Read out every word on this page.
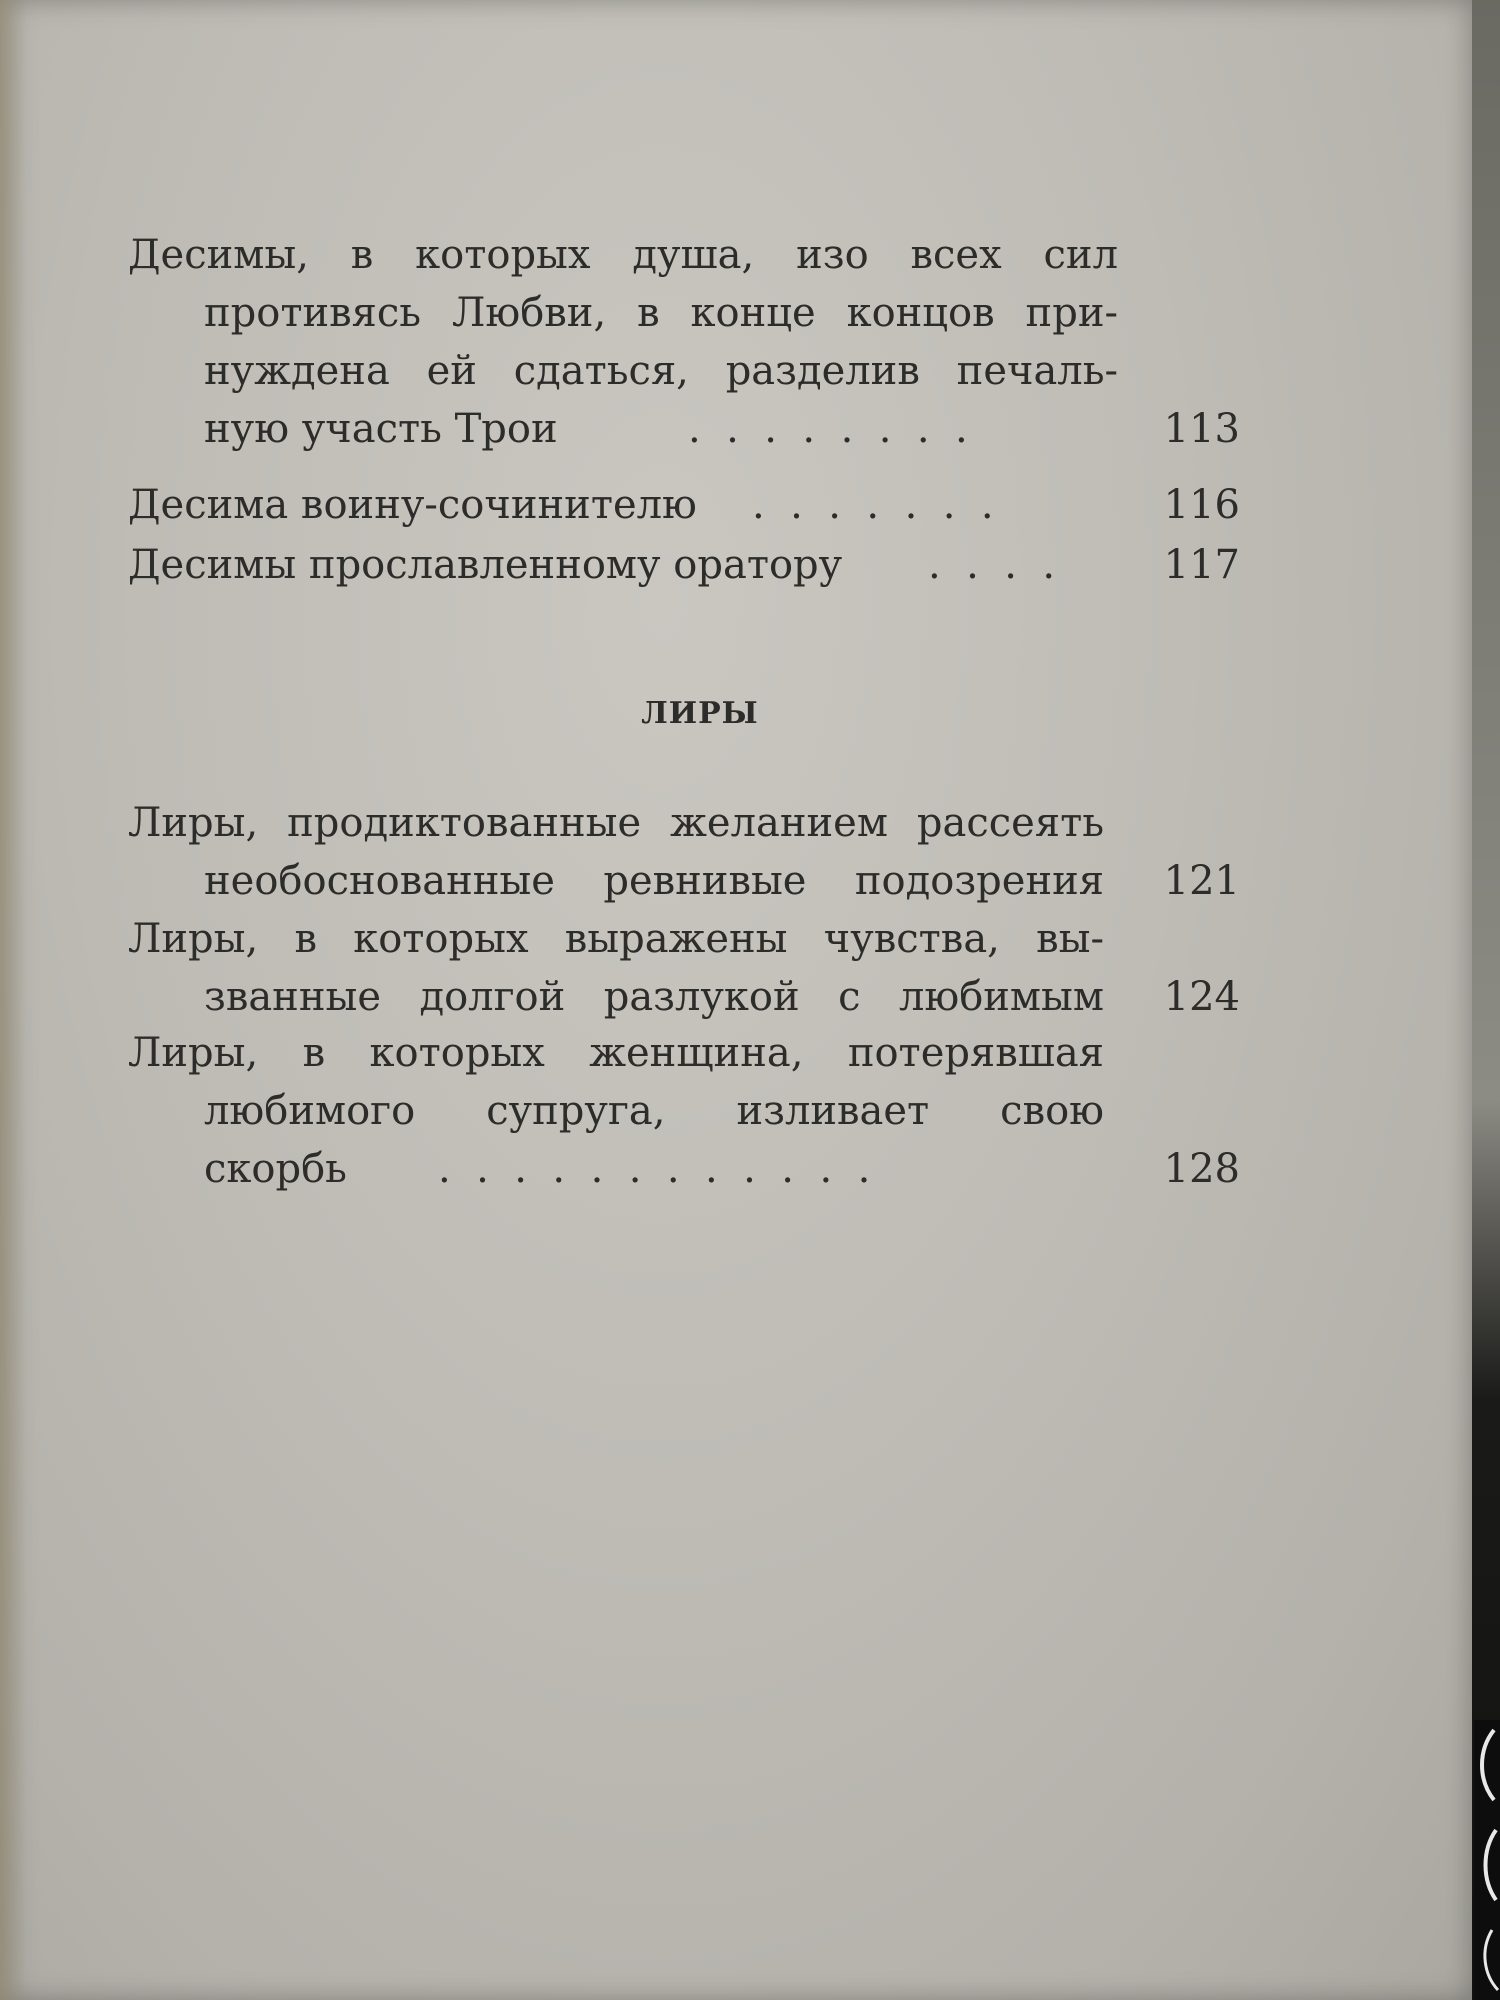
Десимы, в которых душа, изо всех сил
противясь Любви, в конце концов при-
нуждена ей сдаться, разделив печаль-
ную участь Трои	.  .  .  .  .  .  .  .	113
Десима воину-сочинителю .  .  .  .  .  .  .	116
Десимы прославленному оратору .  .  .  .	117
ЛИРЫ
Лиры, продиктованные желанием рассеять
необоснованные ревнивые подозрения	121
Лиры, в которых выражены чувства, вы-
званные долгой разлукой с любимым	124
Лиры, в которых женщина, потерявшая
любимого супруга, изливает свою
скорбь .  .  .  .  .  .  .  .  .  .  .  .	128
